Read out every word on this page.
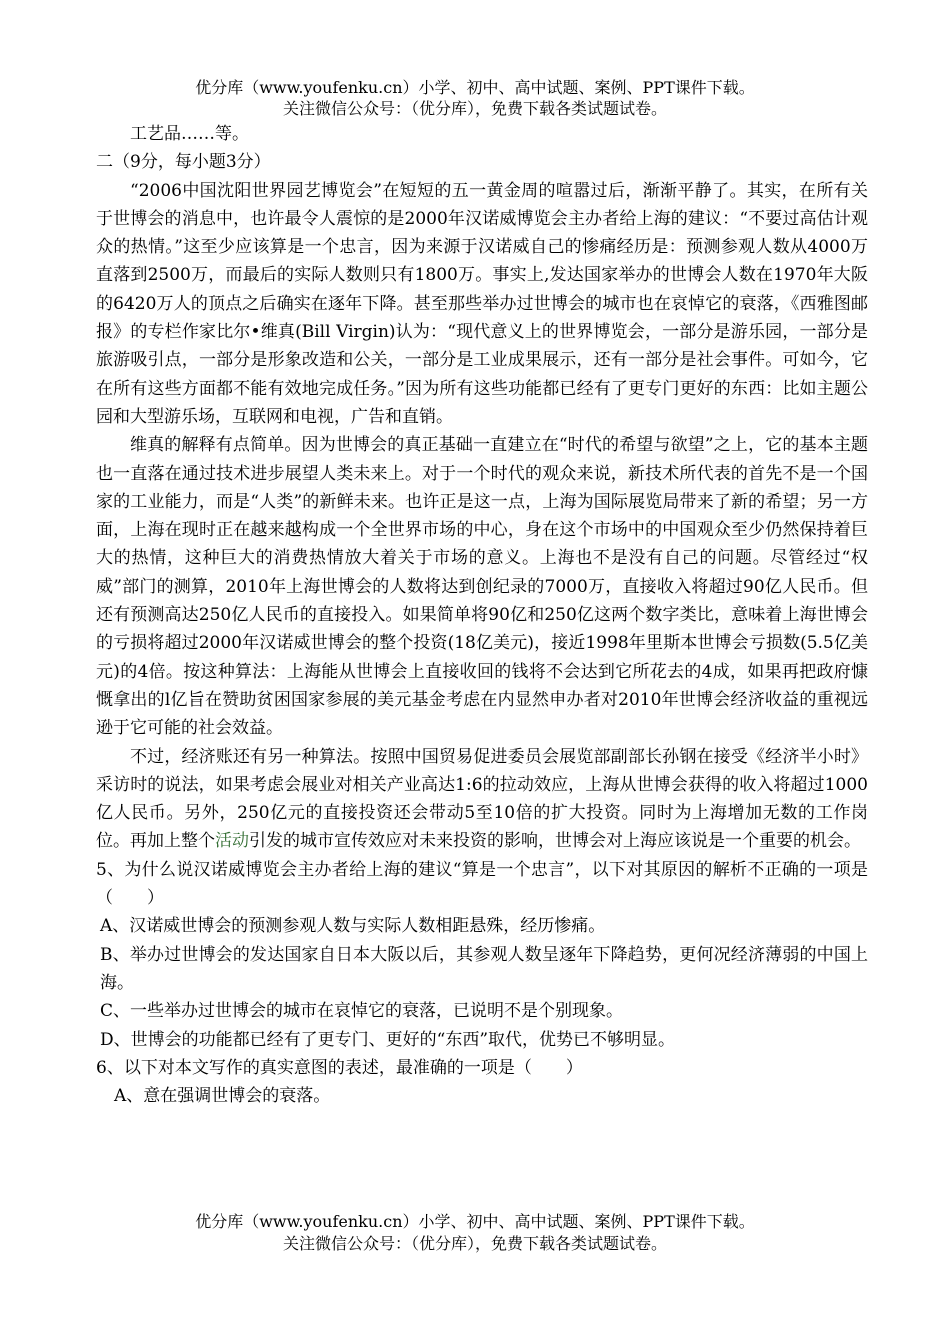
优分库（www.youfenku.cn）小学、初中、高中试题、案例、PPT课件下载。
关注微信公众号：（优分库），免费下载各类试题试卷。

工艺品……等。

二（9分，每小题3分）

“2006中国沈阳世界园艺博览会”在短短的五一黄金周的喧嚣过后，渐渐平静了。其实，在所有关于世博会的消息中，也许最令人震惊的是2000年汉诺威博览会主办者给上海的建议：“不要过高估计观众的热情。”这至少应该算是一个忠言，因为来源于汉诺威自己的惨痛经历是：预测参观人数从4000万直落到2500万，而最后的实际人数则只有1800万。事实上,发达国家举办的世博会人数在1970年大阪的6420万人的顶点之后确实在逐年下降。甚至那些举办过世博会的城市也在哀悼它的衰落，《西雅图邮报》的专栏作家比尔•维真(Bill Virgin)认为：“现代意义上的世界博览会，一部分是游乐园，一部分是旅游吸引点，一部分是形象改造和公关，一部分是工业成果展示，还有一部分是社会事件。可如今，它在所有这些方面都不能有效地完成任务。”因为所有这些功能都已经有了更专门更好的东西：比如主题公园和大型游乐场，互联网和电视，广告和直销。

维真的解释有点简单。因为世博会的真正基础一直建立在“时代的希望与欲望”之上，它的基本主题也一直落在通过技术进步展望人类未来上。对于一个时代的观众来说，新技术所代表的首先不是一个国家的工业能力，而是“人类”的新鲜未来。也许正是这一点，上海为国际展览局带来了新的希望；另一方面，上海在现时正在越来越构成一个全世界市场的中心，身在这个市场中的中国观众至少仍然保持着巨大的热情，这种巨大的消费热情放大着关于市场的意义。上海也不是没有自己的问题。尽管经过“权威”部门的测算，2010年上海世博会的人数将达到创纪录的7000万，直接收入将超过90亿人民币。但还有预测高达250亿人民币的直接投入。如果简单将90亿和250亿这两个数字类比，意味着上海世博会的亏损将超过2000年汉诺威世博会的整个投资(18亿美元)，接近1998年里斯本世博会亏损数(5.5亿美元)的4倍。按这种算法：上海能从世博会上直接收回的钱将不会达到它所花去的4成，如果再把政府慷慨拿出的l亿旨在赞助贫困国家参展的美元基金考虑在内显然申办者对2010年世博会经济收益的重视远逊于它可能的社会效益。

不过，经济账还有另一种算法。按照中国贸易促进委员会展览部副部长孙钢在接受《经济半小时》采访时的说法，如果考虑会展业对相关产业高达1:6的拉动效应，上海从世博会获得的收入将超过1000亿人民币。另外，250亿元的直接投资还会带动5至10倍的扩大投资。同时为上海增加无数的工作岗位。再加上整个活动引发的城市宣传效应对未来投资的影响，世博会对上海应该说是一个重要的机会。

5、为什么说汉诺威博览会主办者给上海的建议“算是一个忠言”，以下对其原因的解析不正确的一项是（　　）

A、汉诺威世博会的预测参观人数与实际人数相距悬殊，经历惨痛。

B、举办过世博会的发达国家自日本大阪以后，其参观人数呈逐年下降趋势，更何况经济薄弱的中国上海。

C、一些举办过世博会的城市在哀悼它的衰落，已说明不是个别现象。

D、世博会的功能都已经有了更专门、更好的“东西”取代，优势已不够明显。

6、以下对本文写作的真实意图的表述，最准确的一项是（　　）

A、意在强调世博会的衰落。

优分库（www.youfenku.cn）小学、初中、高中试题、案例、PPT课件下载。
关注微信公众号：（优分库），免费下载各类试题试卷。
